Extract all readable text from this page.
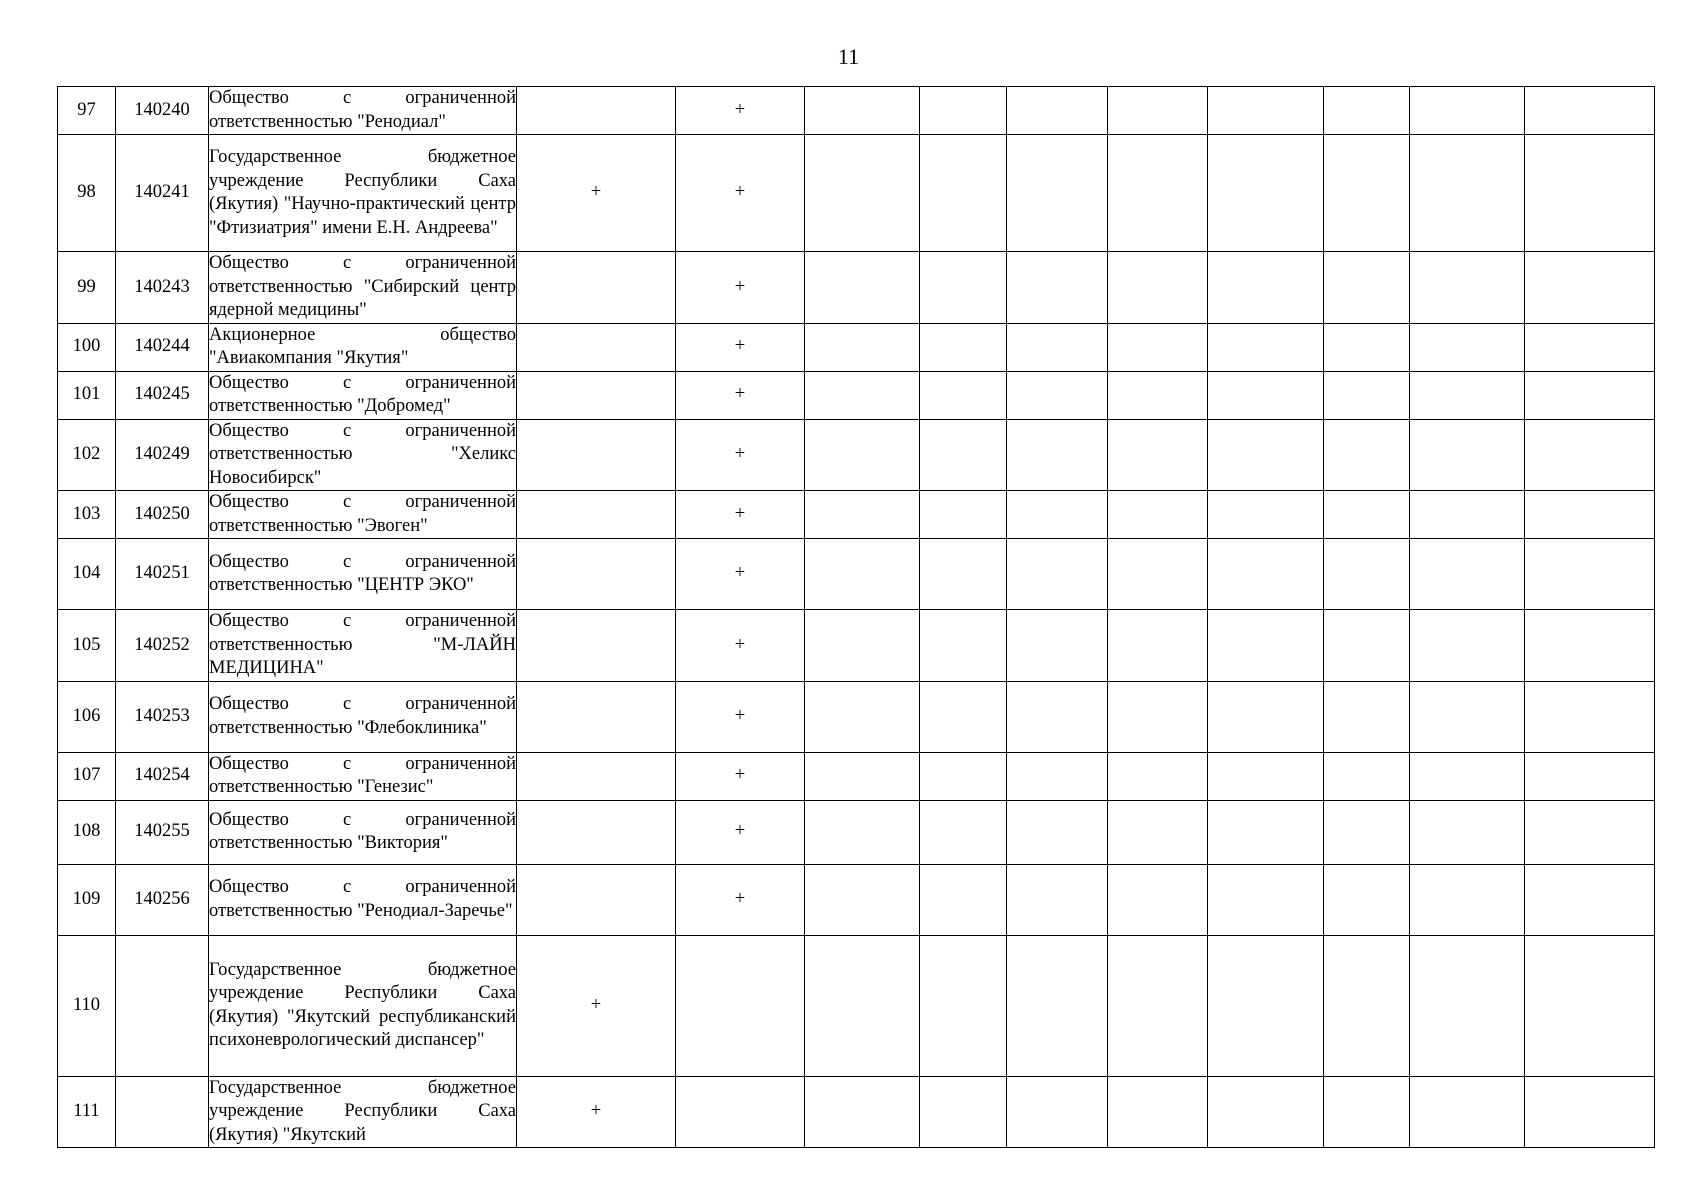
11
97	140240	Общество с ограниченной ответственностью "Ренодиал"		+								
98	140241	Государственное бюджетное учреждение Республики Саха (Якутия) "Научно-практический центр "Фтизиатрия" имени Е.Н. Андреева"	+	+								
99	140243	Общество с ограниченной ответственностью "Сибирский центр ядерной медицины"		+								
100	140244	Акционерное общество "Авиакомпания "Якутия"		+								
101	140245	Общество с ограниченной ответственностью "Добромед"		+								
102	140249	Общество с ограниченной ответственностью "Хеликс Новосибирск"		+								
103	140250	Общество с ограниченной ответственностью "Эвоген"		+								
104	140251	Общество с ограниченной ответственностью "ЦЕНТР ЭКО"		+								
105	140252	Общество с ограниченной ответственностью "М-ЛАЙН МЕДИЦИНА"		+								
106	140253	Общество с ограниченной ответственностью "Флебоклиника"		+								
107	140254	Общество с ограниченной ответственностью "Генезис"		+								
108	140255	Общество с ограниченной ответственностью "Виктория"		+								
109	140256	Общество с ограниченной ответственностью "Ренодиал-Заречье"		+								
110		Государственное бюджетное учреждение Республики Саха (Якутия) "Якутский республиканский психоневрологический диспансер"	+									
111		Государственное бюджетное учреждение Республики Саха (Якутия) "Якутский	+									
